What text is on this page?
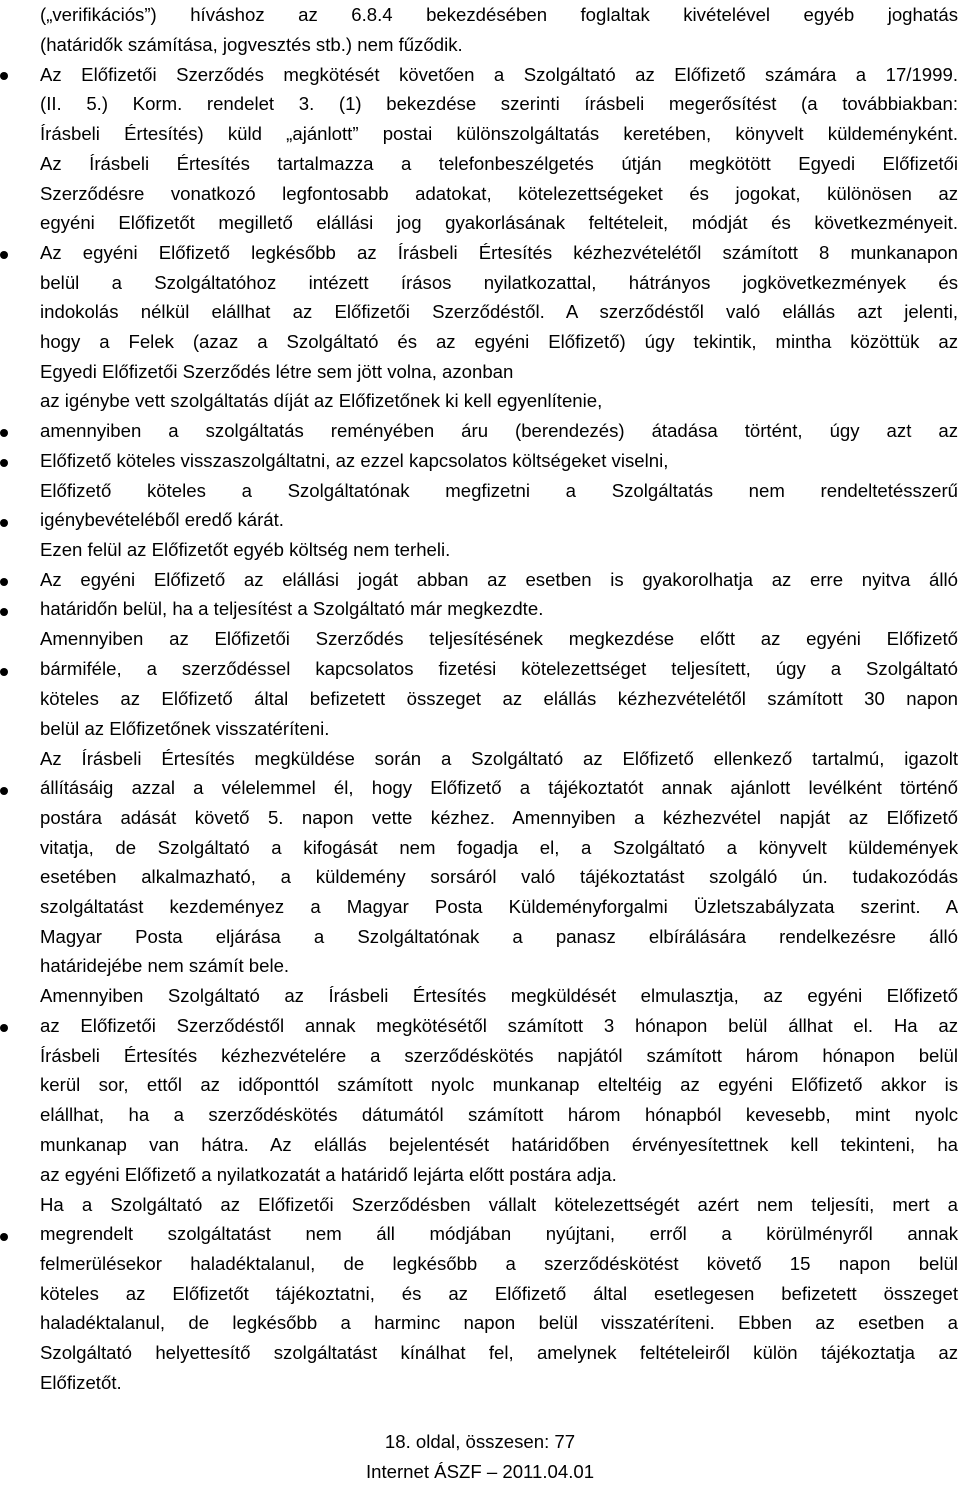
(„verifikációs”) híváshoz az 6.8.4 bekezdésében foglaltak kivételével egyéb joghatás
(határidők számítása, jogvesztés stb.) nem fűződik.
Az Előfizetői Szerződés megkötését követően a Szolgáltató az Előfizető számára a 17/1999.
(II. 5.) Korm. rendelet 3. (1) bekezdése szerinti írásbeli megerősítést (a továbbiakban:
Írásbeli Értesítés) küld „ajánlott” postai különszolgáltatás keretében, könyvelt küldeményként.
Az Írásbeli Értesítés tartalmazza a telefonbeszélgetés útján megkötött Egyedi Előfizetői
Szerződésre vonatkozó legfontosabb adatokat, kötelezettségeket és jogokat, különösen az
egyéni Előfizetőt megillető elállási jog gyakorlásának feltételeit, módját és következményeit.
Az egyéni Előfizető legkésőbb az Írásbeli Értesítés kézhezvételétől számított 8 munkanapon
belül a Szolgáltatóhoz intézett írásos nyilatkozattal, hátrányos jogkövetkezmények és
indokolás nélkül elállhat az Előfizetői Szerződéstől. A szerződéstől való elállás azt jelenti,
hogy a Felek (azaz a Szolgáltató és az egyéni Előfizető) úgy tekintik, mintha közöttük az
Egyedi Előfizetői Szerződés létre sem jött volna, azonban
az igénybe vett szolgáltatás díját az Előfizetőnek ki kell egyenlítenie,
amennyiben a szolgáltatás reményében áru (berendezés) átadása történt, úgy azt az
Előfizető köteles visszaszolgáltatni, az ezzel kapcsolatos költségeket viselni,
Előfizető köteles a Szolgáltatónak megfizetni a Szolgáltatás nem rendeltetésszerű
igénybevételéből eredő kárát.
Ezen felül az Előfizetőt egyéb költség nem terheli.
Az egyéni Előfizető az elállási jogát abban az esetben is gyakorolhatja az erre nyitva álló
határidőn belül, ha a teljesítést a Szolgáltató már megkezdte.
Amennyiben az Előfizetői Szerződés teljesítésének megkezdése előtt az egyéni Előfizető
bármiféle, a szerződéssel kapcsolatos fizetési kötelezettséget teljesített, úgy a Szolgáltató
köteles az Előfizető által befizetett összeget az elállás kézhezvételétől számított 30 napon
belül az Előfizetőnek visszatéríteni.
Az Írásbeli Értesítés megküldése során a Szolgáltató az Előfizető ellenkező tartalmú, igazolt
állításáig azzal a vélelemmel él, hogy Előfizető a tájékoztatót annak ajánlott levélként történő
postára adását követő 5. napon vette kézhez. Amennyiben a kézhezvétel napját az Előfizető
vitatja, de Szolgáltató a kifogását nem fogadja el, a Szolgáltató a könyvelt küldemények
esetében alkalmazható, a küldemény sorsáról való tájékoztatást szolgáló ún. tudakozódás
szolgáltatást kezdeményez a Magyar Posta Küldeményforgalmi Üzletszabályzata szerint. A
Magyar Posta eljárása a Szolgáltatónak a panasz elbírálására rendelkezésre álló
határidejébe nem számít bele.
Amennyiben Szolgáltató az Írásbeli Értesítés megküldését elmulasztja, az egyéni Előfizető
az Előfizetői Szerződéstől annak megkötésétől számított 3 hónapon belül állhat el. Ha az
Írásbeli Értesítés kézhezvételére a szerződéskötés napjától számított három hónapon belül
kerül sor, ettől az időponttól számított nyolc munkanap elteltéig az egyéni Előfizető akkor is
elállhat, ha a szerződéskötés dátumától számított három hónapból kevesebb, mint nyolc
munkanap van hátra. Az elállás bejelentését határidőben érvényesítettnek kell tekinteni, ha
az egyéni Előfizető a nyilatkozatát a határidő lejárta előtt postára adja.
Ha a Szolgáltató az Előfizetői Szerződésben vállalt kötelezettségét azért nem teljesíti, mert a
megrendelt szolgáltatást nem áll módjában nyújtani, erről a körülményről annak
felmerülésekor haladéktalanul, de legkésőbb a szerződéskötést követő 15 napon belül
köteles az Előfizetőt tájékoztatni, és az Előfizető által esetlegesen befizetett összeget
haladéktalanul, de legkésőbb a harminc napon belül visszatéríteni. Ebben az esetben a
Szolgáltató helyettesítő szolgáltatást kínálhat fel, amelynek feltételeiről külön tájékoztatja az
Előfizetőt.
18. oldal, összesen: 77
Internet ÁSZF – 2011.04.01
